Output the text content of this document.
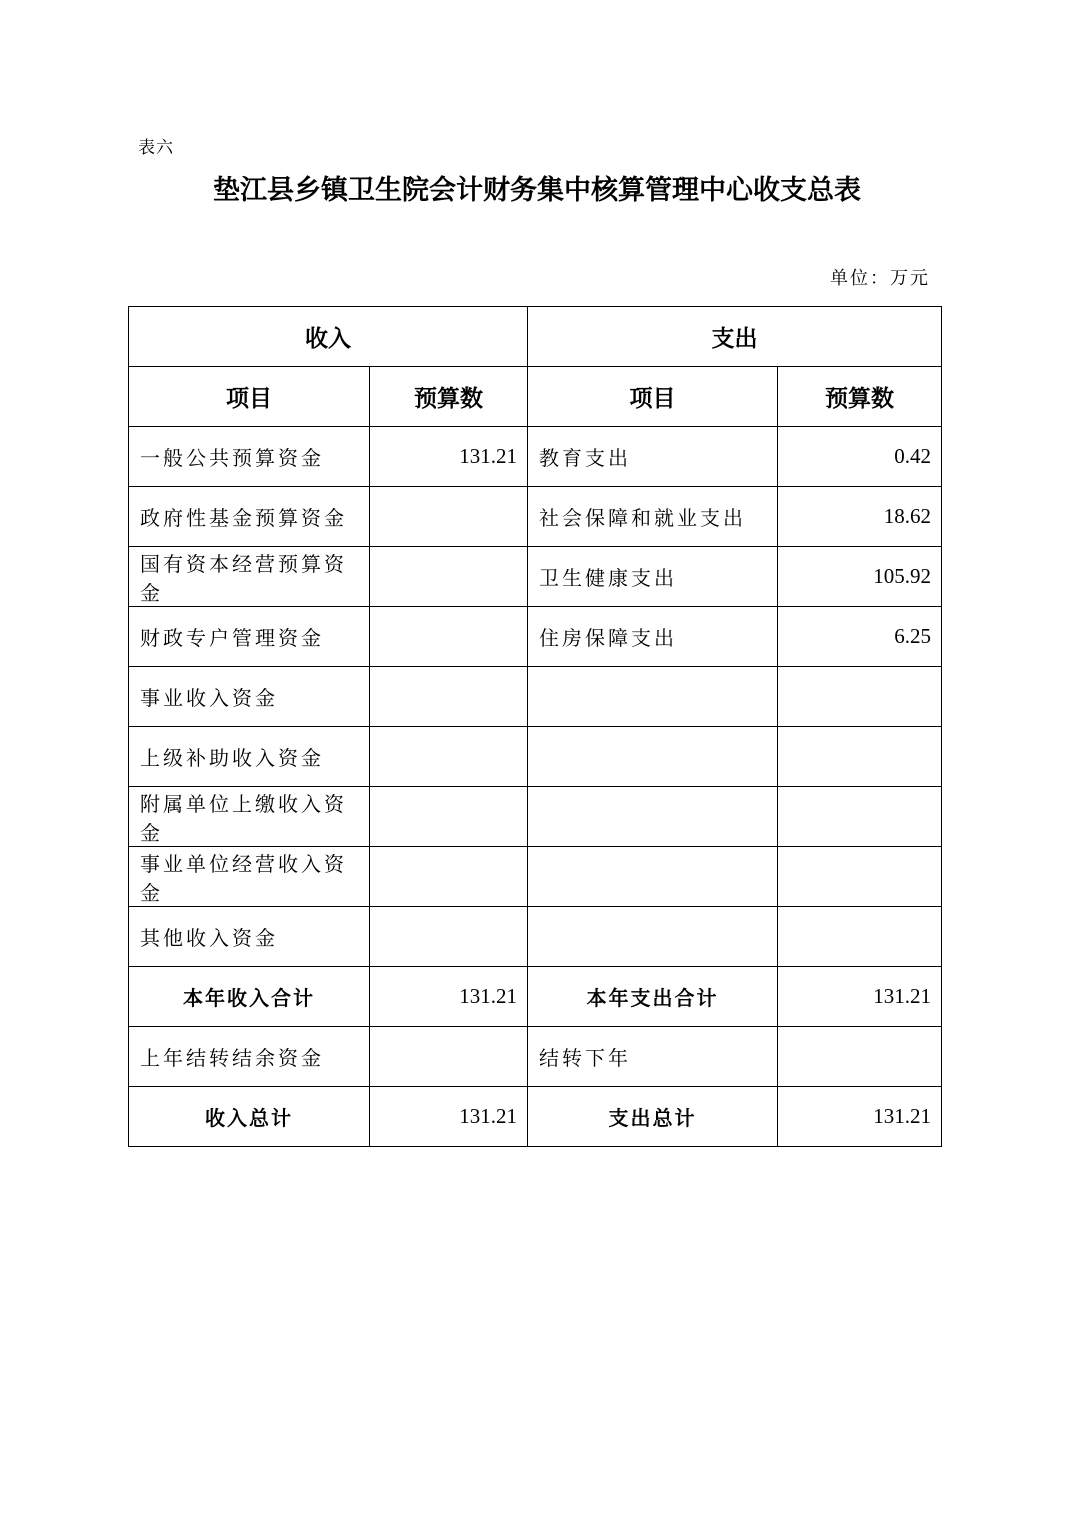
表六
垫江县乡镇卫生院会计财务集中核算管理中心收支总表
单位：万元
收入		支出	
项目	预算数	项目	预算数
一般公共预算资金	131.21	教育支出	0.42
政府性基金预算资金		社会保障和就业支出	18.62
国有资本经营预算资金		卫生健康支出	105.92
财政专户管理资金		住房保障支出	6.25
事业收入资金			
上级补助收入资金			
附属单位上缴收入资金			
事业单位经营收入资金			
其他收入资金			
本年收入合计	131.21	本年支出合计	131.21
上年结转结余资金		结转下年	
收入总计	131.21	支出总计	131.21
